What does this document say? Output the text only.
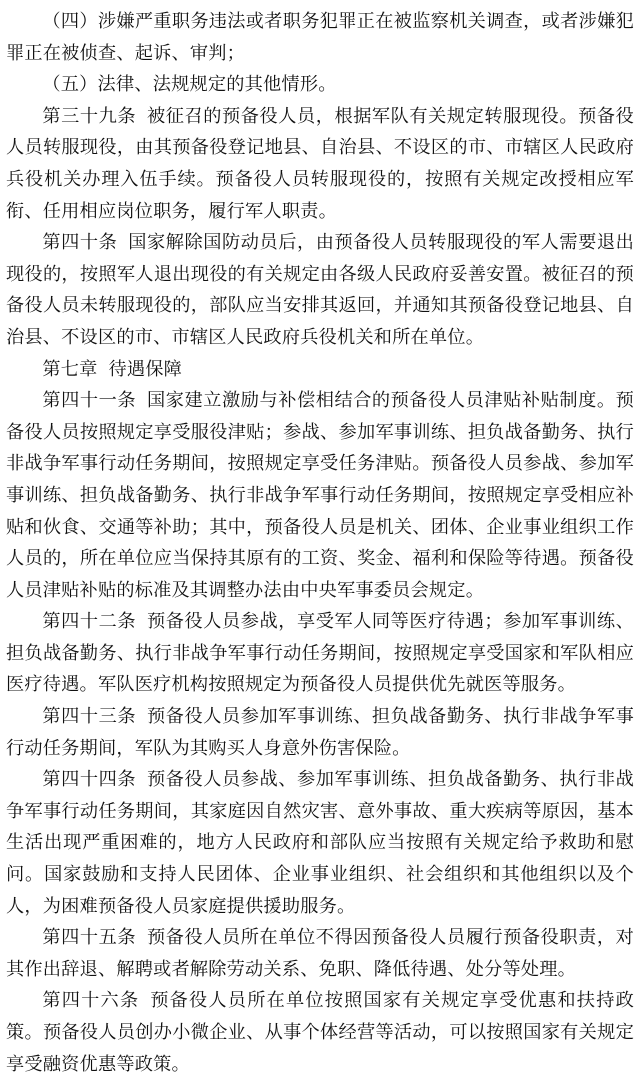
（四）涉嫌严重职务违法或者职务犯罪正在被监察机关调查，或者涉嫌犯罪正在被侦查、起诉、审判；

（五）法律、法规规定的其他情形。

第三十九条 被征召的预备役人员，根据军队有关规定转服现役。预备役人员转服现役，由其预备役登记地县、自治县、不设区的市、市辖区人民政府兵役机关办理入伍手续。预备役人员转服现役的，按照有关规定改授相应军衔、任用相应岗位职务，履行军人职责。

第四十条 国家解除国防动员后，由预备役人员转服现役的军人需要退出现役的，按照军人退出现役的有关规定由各级人民政府妥善安置。被征召的预备役人员未转服现役的，部队应当安排其返回，并通知其预备役登记地县、自治县、不设区的市、市辖区人民政府兵役机关和所在单位。

第七章 待遇保障

第四十一条 国家建立激励与补偿相结合的预备役人员津贴补贴制度。预备役人员按照规定享受服役津贴；参战、参加军事训练、担负战备勤务、执行非战争军事行动任务期间，按照规定享受任务津贴。预备役人员参战、参加军事训练、担负战备勤务、执行非战争军事行动任务期间，按照规定享受相应补贴和伙食、交通等补助；其中，预备役人员是机关、团体、企业事业组织工作人员的，所在单位应当保持其原有的工资、奖金、福利和保险等待遇。预备役人员津贴补贴的标准及其调整办法由中央军事委员会规定。

第四十二条 预备役人员参战，享受军人同等医疗待遇；参加军事训练、担负战备勤务、执行非战争军事行动任务期间，按照规定享受国家和军队相应医疗待遇。军队医疗机构按照规定为预备役人员提供优先就医等服务。

第四十三条 预备役人员参加军事训练、担负战备勤务、执行非战争军事行动任务期间，军队为其购买人身意外伤害保险。

第四十四条 预备役人员参战、参加军事训练、担负战备勤务、执行非战争军事行动任务期间，其家庭因自然灾害、意外事故、重大疾病等原因，基本生活出现严重困难的，地方人民政府和部队应当按照有关规定给予救助和慰问。国家鼓励和支持人民团体、企业事业组织、社会组织和其他组织以及个人，为困难预备役人员家庭提供援助服务。

第四十五条 预备役人员所在单位不得因预备役人员履行预备役职责，对其作出辞退、解聘或者解除劳动关系、免职、降低待遇、处分等处理。

第四十六条 预备役人员所在单位按照国家有关规定享受优惠和扶持政策。预备役人员创办小微企业、从事个体经营等活动，可以按照国家有关规定享受融资优惠等政策。
